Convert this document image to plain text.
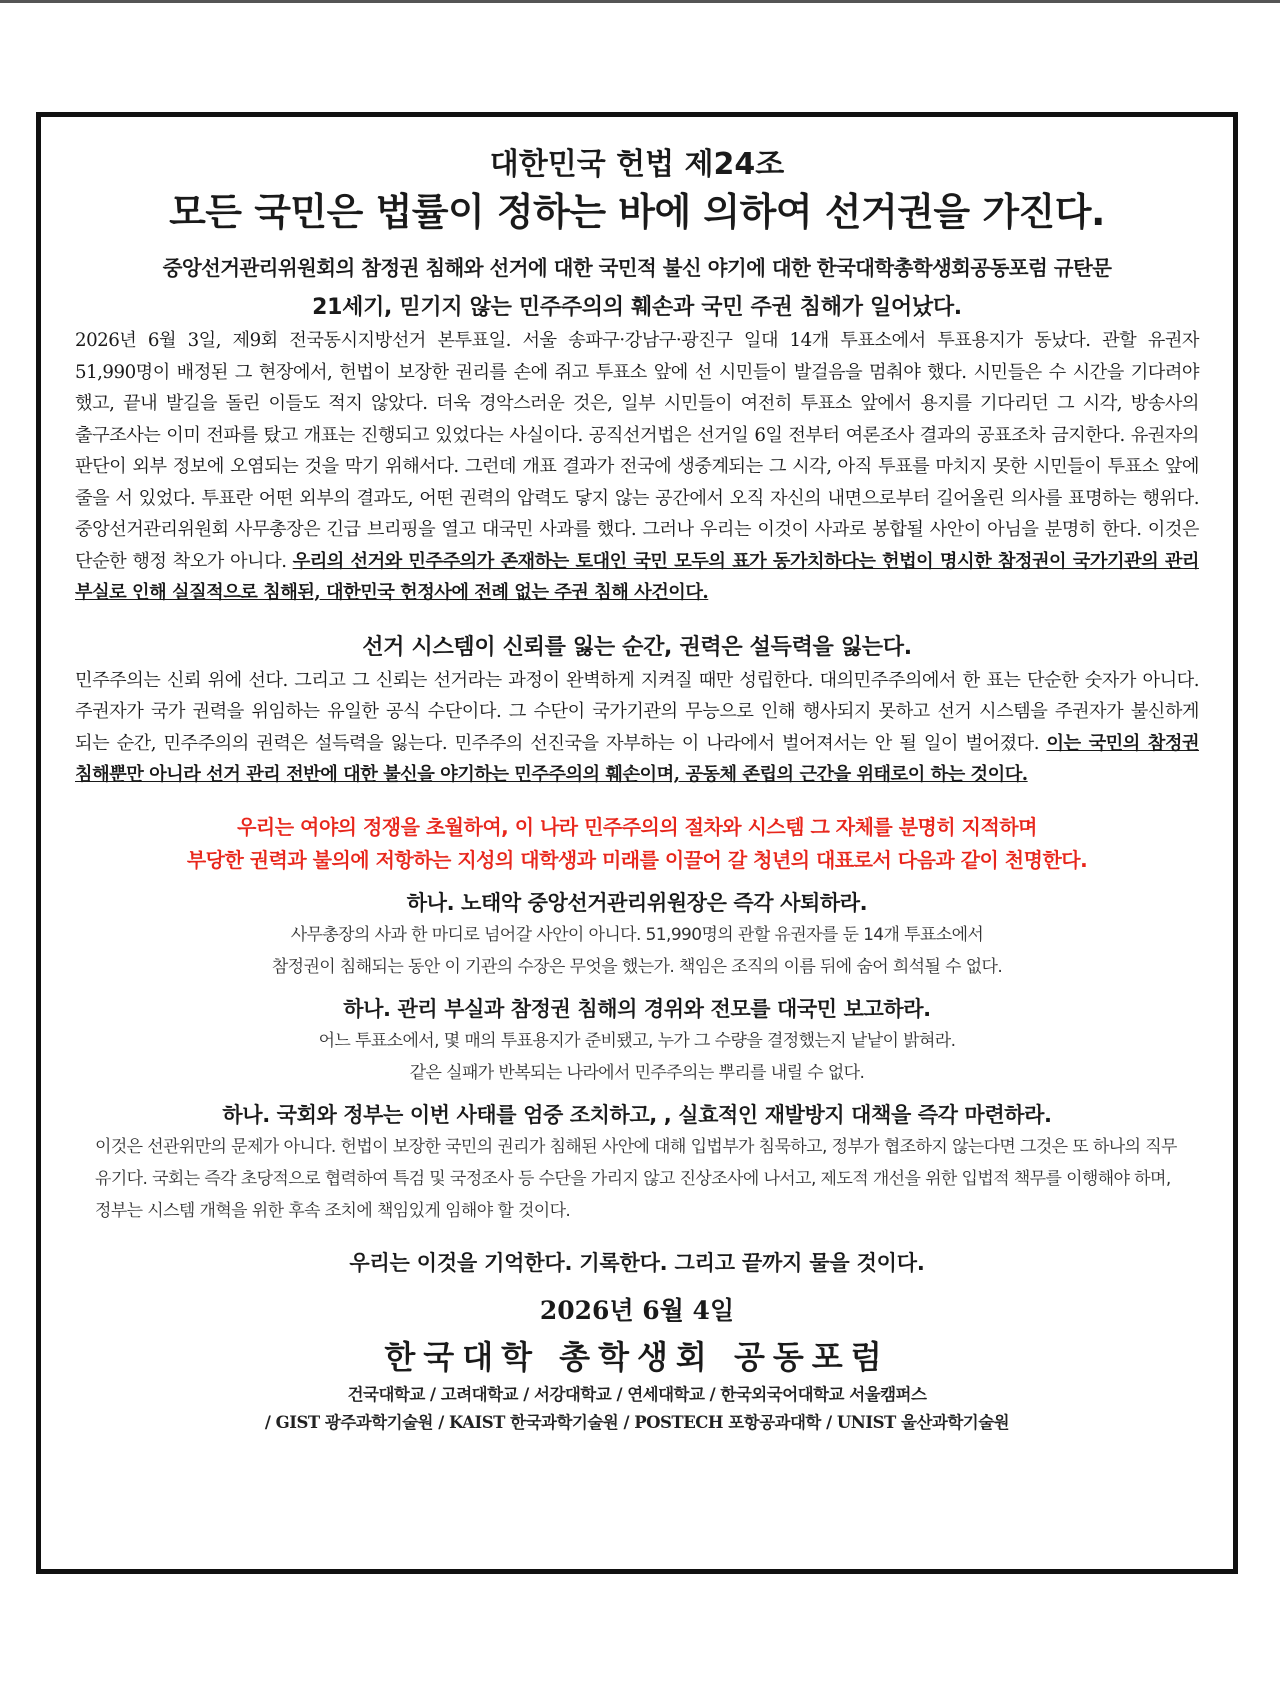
대한민국 헌법 제24조

모든 국민은 법률이 정하는 바에 의하여 선거권을 가진다.

중앙선거관리위원회의 참정권 침해와 선거에 대한 국민적 불신 야기에 대한 한국대학총학생회공동포럼 규탄문

21세기, 믿기지 않는 민주주의의 훼손과 국민 주권 침해가 일어났다.

2026년 6월 3일, 제9회 전국동시지방선거 본투표일. 서울 송파구·강남구·광진구 일대 14개 투표소에서 투표용지가 동났다. 관할 유권자 51,990명이 배정된 그 현장에서, 헌법이 보장한 권리를 손에 쥐고 투표소 앞에 선 시민들이 발걸음을 멈춰야 했다. 시민들은 수 시간을 기다려야 했고, 끝내 발길을 돌린 이들도 적지 않았다. 더욱 경악스러운 것은, 일부 시민들이 여전히 투표소 앞에서 용지를 기다리던 그 시각, 방송사의 출구조사는 이미 전파를 탔고 개표는 진행되고 있었다는 사실이다. 공직선거법은 선거일 6일 전부터 여론조사 결과의 공표조차 금지한다. 유권자의 판단이 외부 정보에 오염되는 것을 막기 위해서다. 그런데 개표 결과가 전국에 생중계되는 그 시각, 아직 투표를 마치지 못한 시민들이 투표소 앞에 줄을 서 있었다. 투표란 어떤 외부의 결과도, 어떤 권력의 압력도 닿지 않는 공간에서 오직 자신의 내면으로부터 길어올린 의사를 표명하는 행위다. 중앙선거관리위원회 사무총장은 긴급 브리핑을 열고 대국민 사과를 했다. 그러나 우리는 이것이 사과로 봉합될 사안이 아님을 분명히 한다. 이것은 단순한 행정 착오가 아니다. 우리의 선거와 민주주의가 존재하는 토대인 국민 모두의 표가 동가치하다는 헌법이 명시한 참정권이 국가기관의 관리 부실로 인해 실질적으로 침해된, 대한민국 헌정사에 전례 없는 주권 침해 사건이다.

선거 시스템이 신뢰를 잃는 순간, 권력은 설득력을 잃는다.

민주주의는 신뢰 위에 선다. 그리고 그 신뢰는 선거라는 과정이 완벽하게 지켜질 때만 성립한다. 대의민주주의에서 한 표는 단순한 숫자가 아니다. 주권자가 국가 권력을 위임하는 유일한 공식 수단이다. 그 수단이 국가기관의 무능으로 인해 행사되지 못하고 선거 시스템을 주권자가 불신하게 되는 순간, 민주주의의 권력은 설득력을 잃는다. 민주주의 선진국을 자부하는 이 나라에서 벌어져서는 안 될 일이 벌어졌다. 이는 국민의 참정권 침해뿐만 아니라 선거 관리 전반에 대한 불신을 야기하는 민주주의의 훼손이며, 공동체 존립의 근간을 위태로이 하는 것이다.

우리는 여야의 정쟁을 초월하여, 이 나라 민주주의의 절차와 시스템 그 자체를 분명히 지적하며

부당한 권력과 불의에 저항하는 지성의 대학생과 미래를 이끌어 갈 청년의 대표로서 다음과 같이 천명한다.

하나. 노태악 중앙선거관리위원장은 즉각 사퇴하라.

사무총장의 사과 한 마디로 넘어갈 사안이 아니다. 51,990명의 관할 유권자를 둔 14개 투표소에서

참정권이 침해되는 동안 이 기관의 수장은 무엇을 했는가. 책임은 조직의 이름 뒤에 숨어 희석될 수 없다.

하나. 관리 부실과 참정권 침해의 경위와 전모를 대국민 보고하라.

어느 투표소에서, 몇 매의 투표용지가 준비됐고, 누가 그 수량을 결정했는지 낱낱이 밝혀라.

같은 실패가 반복되는 나라에서 민주주의는 뿌리를 내릴 수 없다.

하나. 국회와 정부는 이번 사태를 엄중 조치하고, , 실효적인 재발방지 대책을 즉각 마련하라.

이것은 선관위만의 문제가 아니다. 헌법이 보장한 국민의 권리가 침해된 사안에 대해 입법부가 침묵하고, 정부가 협조하지 않는다면 그것은 또 하나의 직무유기다. 국회는 즉각 초당적으로 협력하여 특검 및 국정조사 등 수단을 가리지 않고 진상조사에 나서고, 제도적 개선을 위한 입법적 책무를 이행해야 하며, 정부는 시스템 개혁을 위한 후속 조치에 책임있게 임해야 할 것이다.

우리는 이것을 기억한다. 기록한다. 그리고 끝까지 물을 것이다.

2026년 6월 4일

한국대학 총학생회 공동포럼

건국대학교 / 고려대학교 / 서강대학교 / 연세대학교 / 한국외국어대학교 서울캠퍼스

/ GIST 광주과학기술원 / KAIST 한국과학기술원 / POSTECH 포항공과대학 / UNIST 울산과학기술원
